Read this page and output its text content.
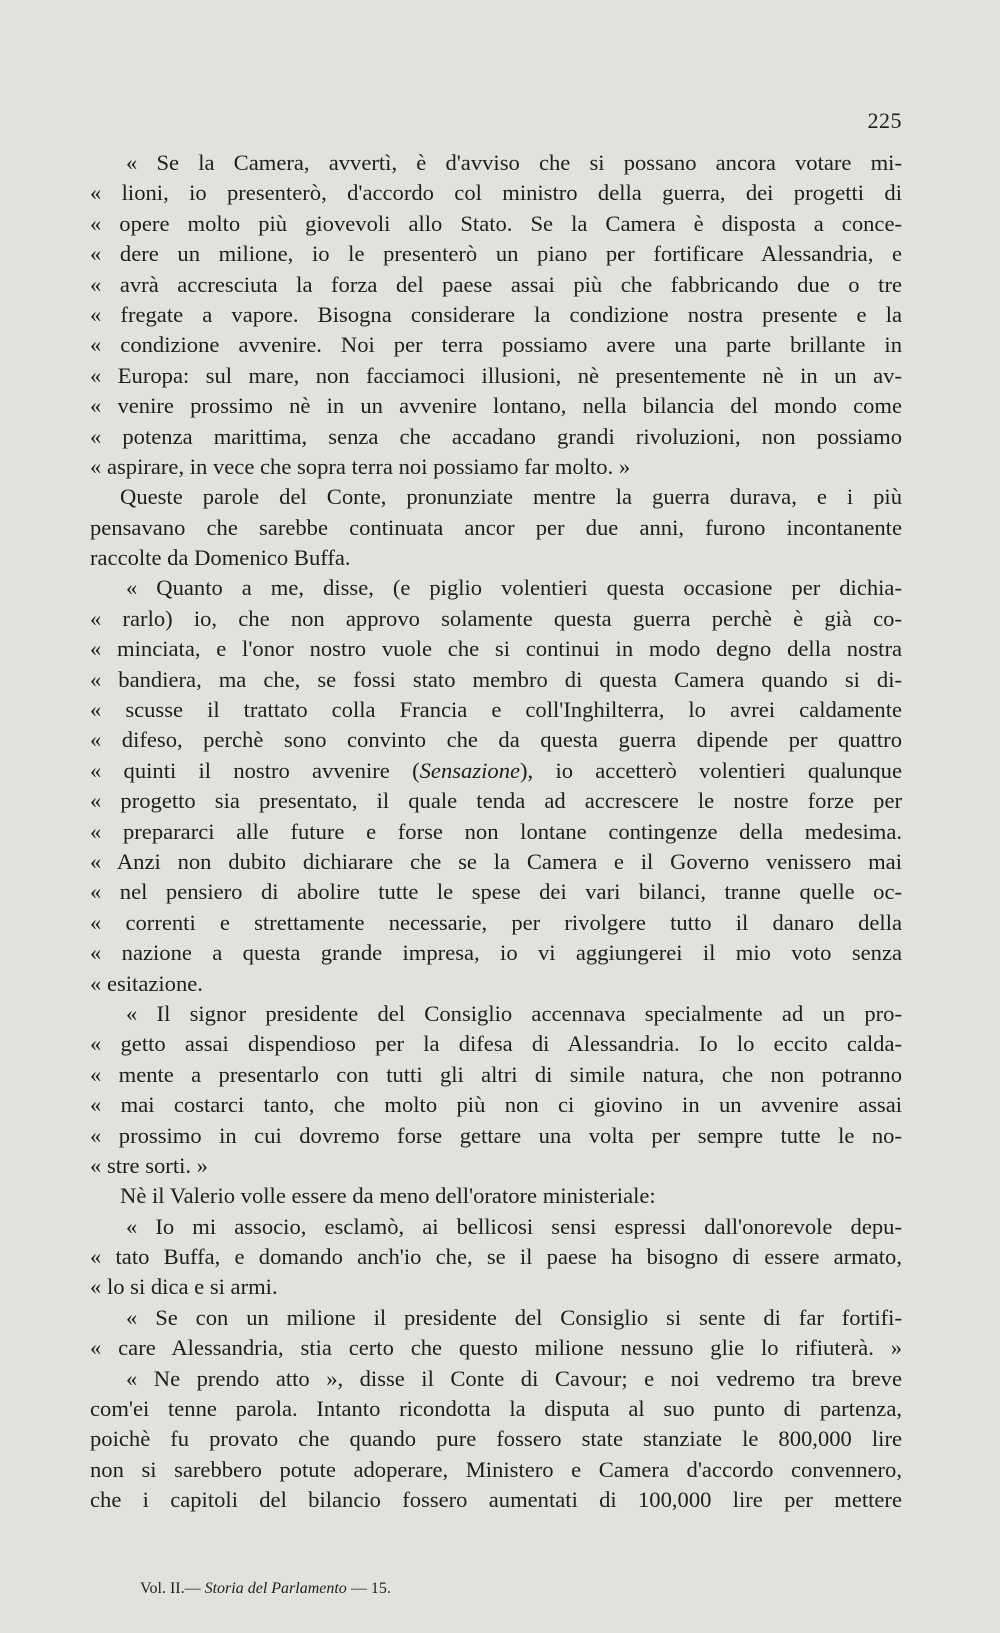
225
« Se la Camera, avvertì, è d'avviso che si possano ancora votare mi-
« lioni, io presenterò, d'accordo col ministro della guerra, dei progetti di
« opere molto più giovevoli allo Stato. Se la Camera è disposta a conce-
« dere un milione, io le presenterò un piano per fortificare Alessandria, e
« avrà accresciuta la forza del paese assai più che fabbricando due o tre
« fregate a vapore. Bisogna considerare la condizione nostra presente e la
« condizione avvenire. Noi per terra possiamo avere una parte brillante in
« Europa: sul mare, non facciamoci illusioni, nè presentemente nè in un av-
« venire prossimo nè in un avvenire lontano, nella bilancia del mondo come
« potenza marittima, senza che accadano grandi rivoluzioni, non possiamo
« aspirare, in vece che sopra terra noi possiamo far molto. »
Queste parole del Conte, pronunziate mentre la guerra durava, e i più
pensavano che sarebbe continuata ancor per due anni, furono incontanente
raccolte da Domenico Buffa.
« Quanto a me, disse, (e piglio volentieri questa occasione per dichia-
« rarlo) io, che non approvo solamente questa guerra perchè è già co-
« minciata, e l'onor nostro vuole che si continui in modo degno della nostra
« bandiera, ma che, se fossi stato membro di questa Camera quando si di-
« scusse il trattato colla Francia e coll'Inghilterra, lo avrei caldamente
« difeso, perchè sono convinto che da questa guerra dipende per quattro
« quinti il nostro avvenire (Sensazione), io accetterò volentieri qualunque
« progetto sia presentato, il quale tenda ad accrescere le nostre forze per
« prepararci alle future e forse non lontane contingenze della medesima.
« Anzi non dubito dichiarare che se la Camera e il Governo venissero mai
« nel pensiero di abolire tutte le spese dei vari bilanci, tranne quelle oc-
« correnti e strettamente necessarie, per rivolgere tutto il danaro della
« nazione a questa grande impresa, io vi aggiungerei il mio voto senza
« esitazione.
« Il signor presidente del Consiglio accennava specialmente ad un pro-
« getto assai dispendioso per la difesa di Alessandria. Io lo eccito calda-
« mente a presentarlo con tutti gli altri di simile natura, che non potranno
« mai costarci tanto, che molto più non ci giovino in un avvenire assai
« prossimo in cui dovremo forse gettare una volta per sempre tutte le no-
« stre sorti. »
Nè il Valerio volle essere da meno dell'oratore ministeriale:
« Io mi associo, esclamò, ai bellicosi sensi espressi dall'onorevole depu-
« tato Buffa, e domando anch'io che, se il paese ha bisogno di essere armato,
« lo si dica e si armi.
« Se con un milione il presidente del Consiglio si sente di far fortifi-
« care Alessandria, stia certo che questo milione nessuno glie lo rifiuterà. »
« Ne prendo atto », disse il Conte di Cavour; e noi vedremo tra breve
com'ei tenne parola. Intanto ricondotta la disputa al suo punto di partenza,
poichè fu provato che quando pure fossero state stanziate le 800,000 lire
non si sarebbero potute adoperare, Ministero e Camera d'accordo convennero,
che i capitoli del bilancio fossero aumentati di 100,000 lire per mettere
Vol. II.— Storia del Parlamento — 15.
